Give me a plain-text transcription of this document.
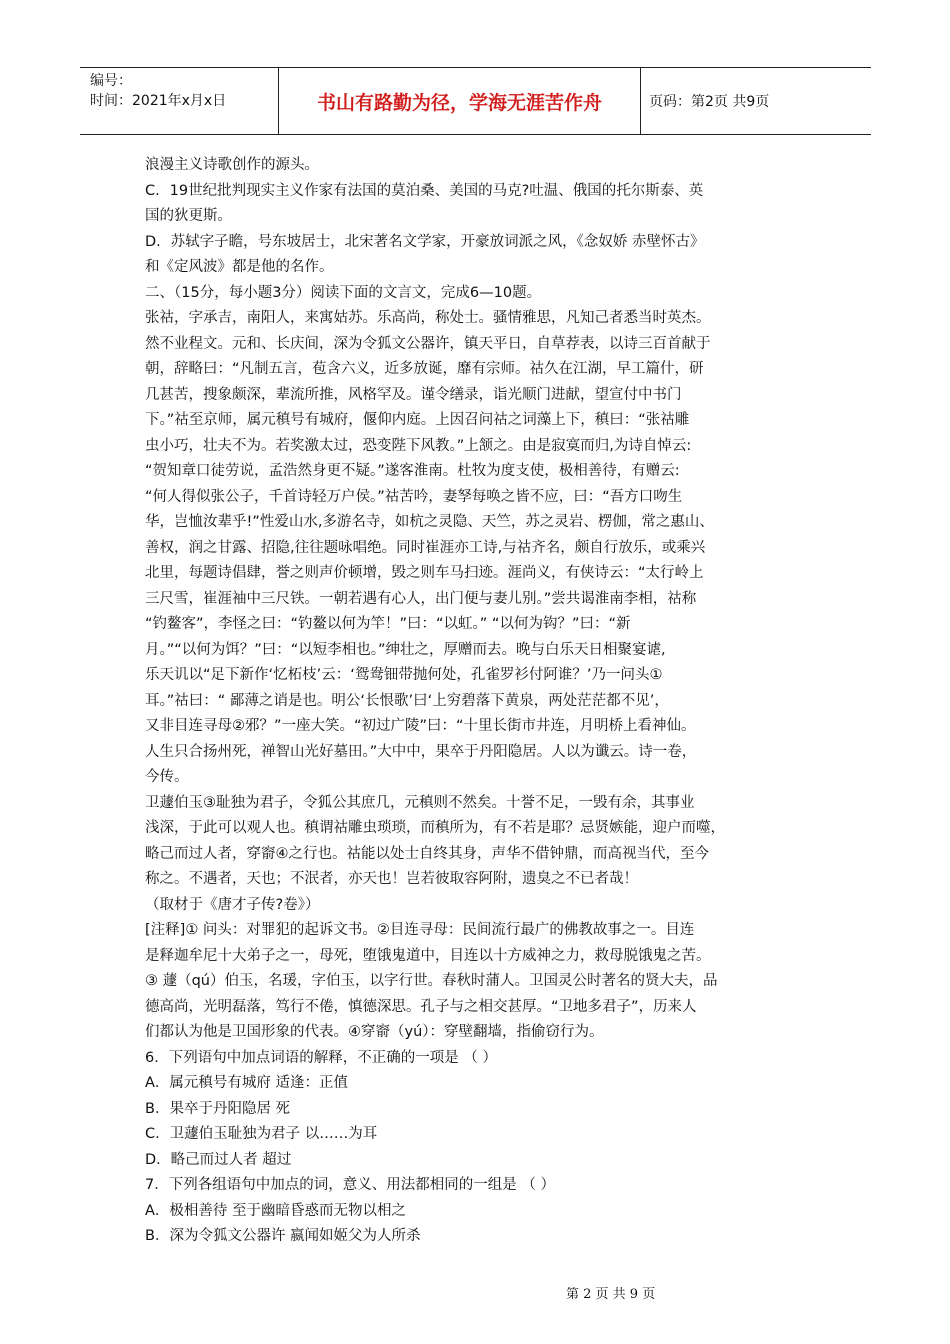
编号：
时间：2021年x月x日	书山有路勤为径，学海无涯苦作舟	页码：第2页 共9页

浪漫主义诗歌创作的源头。

C．19世纪批判现实主义作家有法国的莫泊桑、美国的马克?吐温、俄国的托尔斯泰、英

国的狄更斯。

D．苏轼字子瞻，号东坡居士，北宋著名文学家，开豪放词派之风，《念奴娇 赤壁怀古》

和《定风波》都是他的名作。

二、（15分，每小题3分）阅读下面的文言文，完成6—10题。

张祜，字承吉，南阳人，来寓姑苏。乐高尚，称处士。骚情雅思，凡知己者悉当时英杰。

然不业程文。元和、长庆间，深为令狐文公器许，镇天平日，自草荐表，以诗三百首献于

朝，辞略曰：“凡制五言，苞含六义，近多放诞，靡有宗师。祜久在江湖，早工篇什，研

几甚苦，搜象颇深，辈流所推，风格罕及。谨令缮录，诣光顺门进献，望宣付中书门

下。”祜至京师，属元稹号有城府，偃仰内庭。上因召问祜之词藻上下，稹曰：“张祜雕

虫小巧，壮夫不为。若奖激太过，恐变陛下风教。”上颔之。由是寂寞而归,为诗自悼云:

“贺知章口徒劳说，孟浩然身更不疑。”遂客淮南。杜牧为度支使，极相善待，有赠云:

“何人得似张公子，千首诗轻万户侯。”祜苦吟，妻孥每唤之皆不应，曰：“吾方口吻生

华，岂恤汝辈乎!”性爱山水,多游名寺，如杭之灵隐、天竺，苏之灵岩、楞伽，常之惠山、

善权，润之甘露、招隐,往往题咏唱绝。同时崔涯亦工诗,与祜齐名，颇自行放乐，或乘兴

北里，每题诗倡肆，誉之则声价顿增，毁之则车马扫迹。涯尚义，有侠诗云：“太行岭上

三尺雪，崔涯袖中三尺铁。一朝若遇有心人，出门便与妻儿别。”尝共谒淮南李相，祜称

“钓鳌客”，李怪之曰：“钓鳌以何为竿！”曰：“以虹。” “以何为钩？”曰：“新

月。”“以何为饵？”曰：“以短李相也。”绅壮之，厚赠而去。晚与白乐天日相聚宴谑,

乐天讥以“足下新作‘忆柘枝’云：‘鸳鸯钿带抛何处，孔雀罗衫付阿谁？’乃一问头①

耳。”祜曰：“ 鄙薄之诮是也。明公‘长恨歌’曰‘上穷碧落下黄泉，两处茫茫都不见’，

又非目连寻母②邪？”一座大笑。“初过广陵”曰：“十里长街市井连，月明桥上看神仙。

人生只合扬州死，禅智山光好墓田。”大中中，果卒于丹阳隐居。人以为谶云。诗一卷，

今传。

卫蘧伯玉③耻独为君子，令狐公其庶几，元稹则不然矣。十誉不足，一毁有余，其事业

浅深，于此可以观人也。稹谓祜雕虫琐琐，而稹所为，有不若是耶？忌贤嫉能，迎户而噬，

略己而过人者，穿窬④之行也。祜能以处士自终其身，声华不借钟鼎，而高视当代，至今

称之。不遇者，天也；不泯者，亦天也！岂若彼取容阿附，遗臭之不已者哉！

（取材于《唐才子传?卷》）

[注释]① 问头：对罪犯的起诉文书。②目连寻母：民间流行最广的佛教故事之一。目连

是释迦牟尼十大弟子之一，母死，堕饿鬼道中，目连以十方威神之力，救母脱饿鬼之苦。

③ 蘧（qú）伯玉，名瑗，字伯玉，以字行世。春秋时蒲人。卫国灵公时著名的贤大夫，品

德高尚，光明磊落，笃行不倦，慎德深思。孔子与之相交甚厚。“卫地多君子”，历来人

们都认为他是卫国形象的代表。④穿窬（yú）：穿壁翻墙，指偷窃行为。

6．下列语句中加点词语的解释，不正确的一项是 （ ）

A．属元稹号有城府 适逢：正值

B．果卒于丹阳隐居 死

C．卫蘧伯玉耻独为君子 以……为耳

D．略己而过人者 超过

7．下列各组语句中加点的词，意义、用法都相同的一组是 （ ）

A．极相善待 至于幽暗昏惑而无物以相之

B．深为令狐文公器许 嬴闻如姬父为人所杀

第 2 页 共 9 页
